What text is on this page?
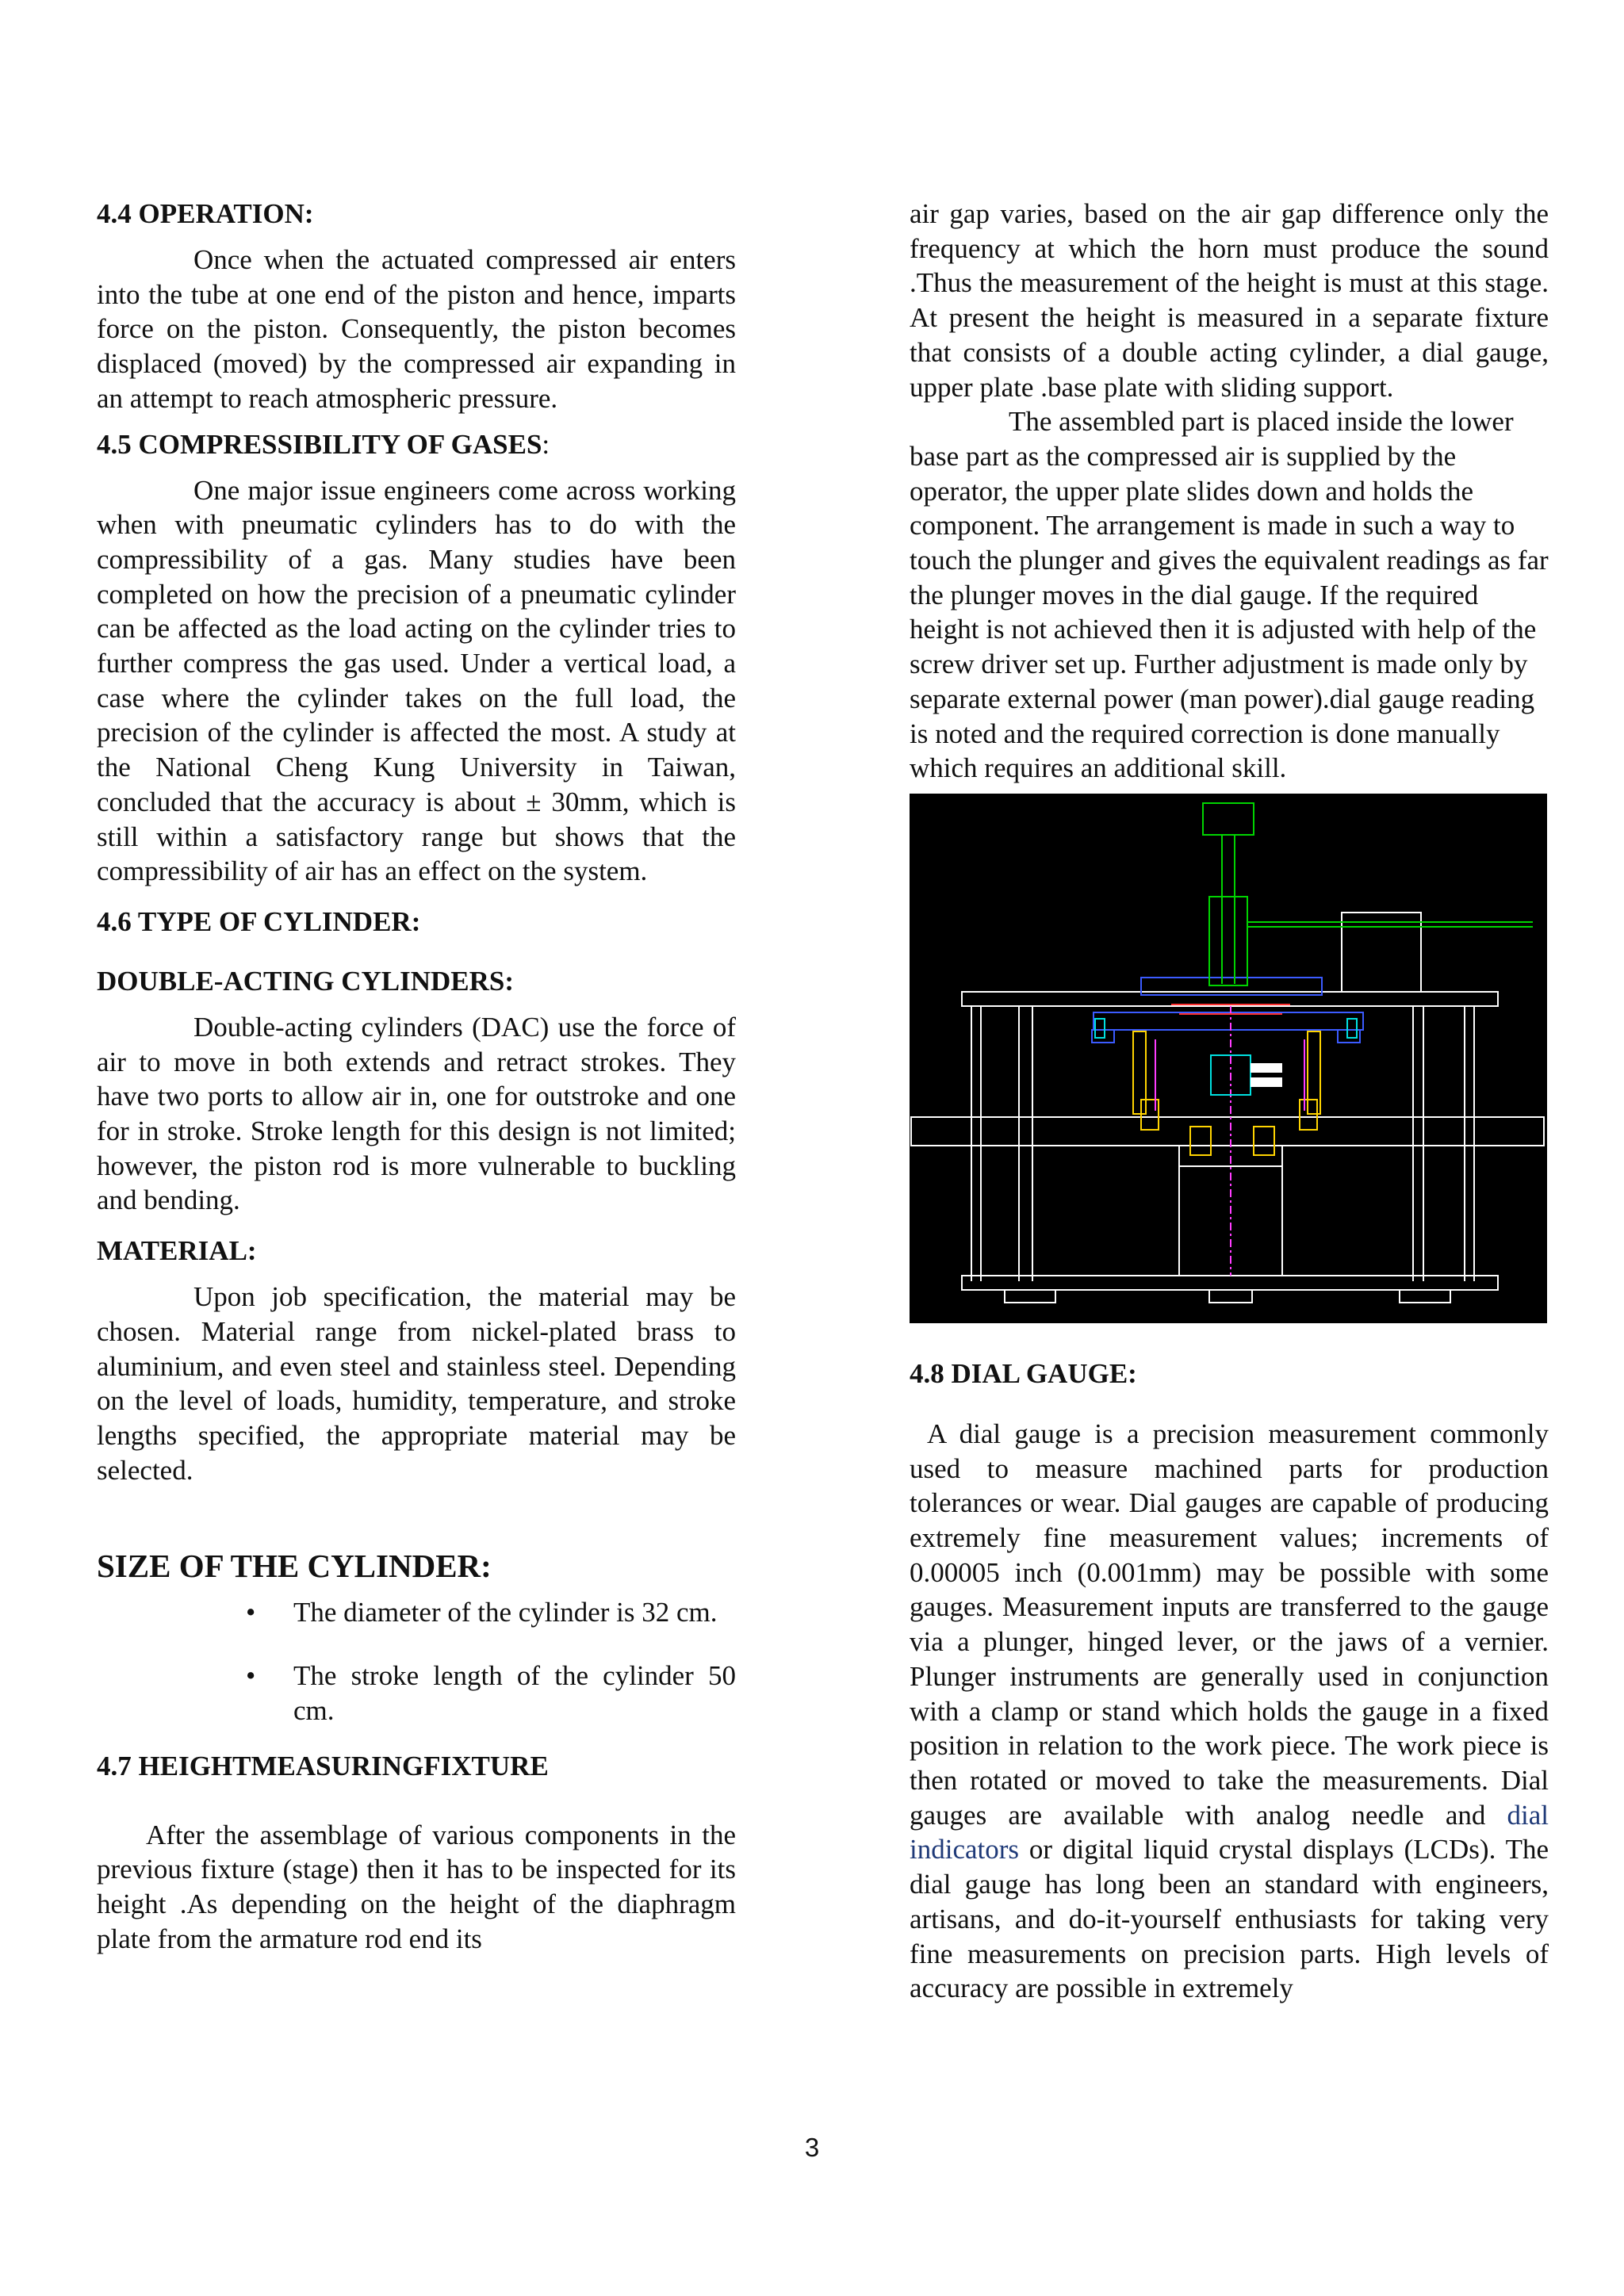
4.4 OPERATION:

Once when the actuated compressed air enters into the tube at one end of the piston and hence, imparts force on the piston. Consequently, the piston becomes displaced (moved) by the compressed air expanding in an attempt to reach atmospheric pressure.

4.5 COMPRESSIBILITY OF GASES:

One major issue engineers come across working when with pneumatic cylinders has to do with the compressibility of a gas. Many studies have been completed on how the precision of a pneumatic cylinder can be affected as the load acting on the cylinder tries to further compress the gas used. Under a vertical load, a case where the cylinder takes on the full load, the precision of the cylinder is affected the most. A study at the National Cheng Kung University in Taiwan, concluded that the accuracy is about ± 30mm, which is still within a satisfactory range but shows that the compressibility of air has an effect on the system.

4.6 TYPE OF CYLINDER:

DOUBLE-ACTING CYLINDERS:

Double-acting cylinders (DAC) use the force of air to move in both extends and retract strokes. They have two ports to allow air in, one for outstroke and one for in stroke. Stroke length for this design is not limited; however, the piston rod is more vulnerable to buckling and bending.

MATERIAL:

Upon job specification, the material may be chosen. Material range from nickel-plated brass to aluminium, and even steel and stainless steel. Depending on the level of loads, humidity, temperature, and stroke lengths specified, the appropriate material may be selected.

SIZE OF THE CYLINDER:

• The diameter of the cylinder is 32 cm.
• The stroke length of the cylinder 50 cm.

4.7 HEIGHTMEASURINGFIXTURE

After the assemblage of various components in the previous fixture (stage) then it has to be inspected for its height .As depending on the height of the diaphragm plate from the armature rod end its

air gap varies, based on the air gap difference only the frequency at which the horn must produce the sound .Thus the measurement of the height is must at this stage. At present the height is measured in a separate fixture that consists of a double acting cylinder, a dial gauge, upper plate .base plate with sliding support.

The assembled part is placed inside the lower base part as the compressed air is supplied by the operator, the upper plate slides down and holds the component. The arrangement is made in such a way to touch the plunger and gives the equivalent readings as far the plunger moves in the dial gauge. If the required height is not achieved then it is adjusted with help of the screw driver set up. Further adjustment is made only by separate external power (man power).dial gauge reading is noted and the required correction is done manually which requires an additional skill.

4.8 DIAL GAUGE:

A dial gauge is a precision measurement commonly used to measure machined parts for production tolerances or wear. Dial gauges are capable of producing extremely fine measurement values; increments of 0.00005 inch (0.001mm) may be possible with some gauges. Measurement inputs are transferred to the gauge via a plunger, hinged lever, or the jaws of a vernier. Plunger instruments are generally used in conjunction with a clamp or stand which holds the gauge in a fixed position in relation to the work piece. The work piece is then rotated or moved to take the measurements. Dial gauges are available with analog needle and dial indicators or digital liquid crystal displays (LCDs). The dial gauge has long been an standard with engineers, artisans, and do-it-yourself enthusiasts for taking very fine measurements on precision parts. High levels of accuracy are possible in extremely

3
